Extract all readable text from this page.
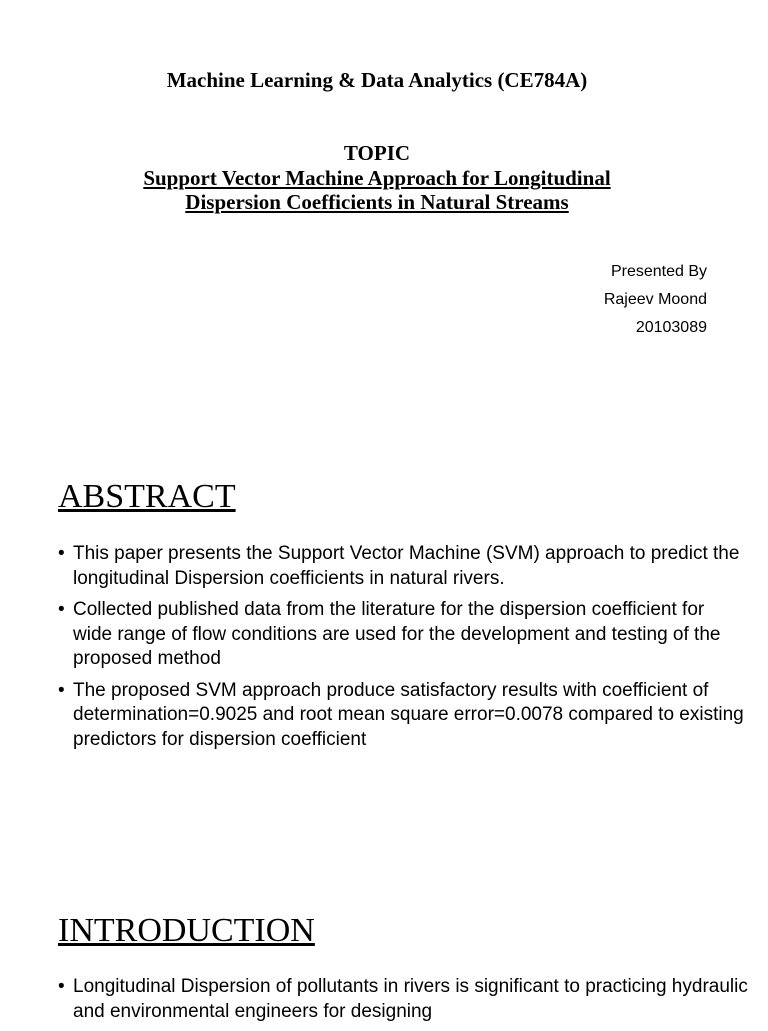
Machine Learning & Data Analytics (CE784A)
TOPIC
Support Vector Machine Approach for Longitudinal
Dispersion Coefficients in Natural Streams
Presented By
Rajeev Moond
20103089
ABSTRACT
• This paper presents the Support Vector Machine (SVM) approach to predict the longitudinal Dispersion coefficients in natural rivers.
• Collected published data from the literature for the dispersion coefficient for wide range of flow conditions are used for the development and testing of the proposed method
• The proposed SVM approach produce satisfactory results with coefficient of determination=0.9025 and root mean square error=0.0078 compared to existing predictors for dispersion coefficient
INTRODUCTION
• Longitudinal Dispersion of pollutants in rivers is significant to practicing hydraulic and environmental engineers for designing
